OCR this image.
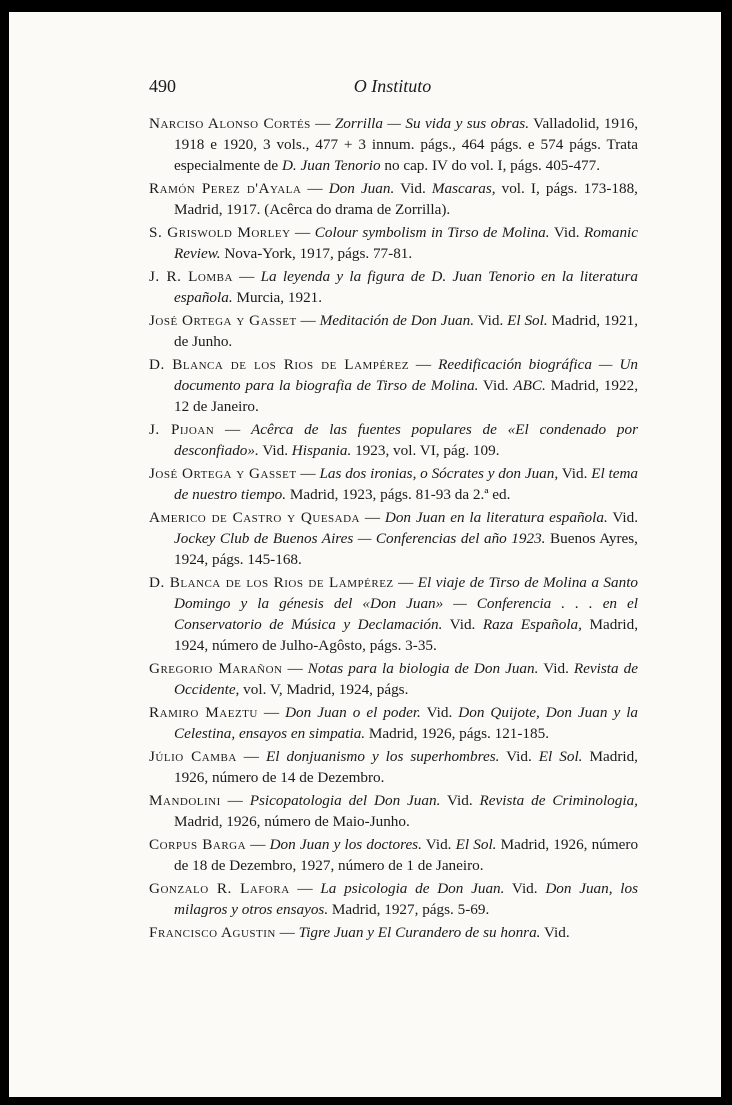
490	O Instituto

Narciso Alonso Cortés — Zorrilla — Su vida y sus obras. Valladolid, 1916, 1918 e 1920, 3 vols., 477 + 3 innum. págs., 464 págs. e 574 págs. Trata especialmente de D. Juan Tenorio no cap. IV do vol. I, págs. 405-477.

Ramón Perez d'Ayala — Don Juan. Vid. Mascaras, vol. I, págs. 173-188, Madrid, 1917. (Acêrca do drama de Zorrilla).

S. Griswold Morley — Colour symbolism in Tirso de Molina. Vid. Romanic Review. Nova-York, 1917, págs. 77-81.

J. R. Lomba — La leyenda y la figura de D. Juan Tenorio en la literatura española. Murcia, 1921.

José Ortega y Gasset — Meditación de Don Juan. Vid. El Sol. Madrid, 1921, de Junho.

D. Blanca de los Rios de Lampérez — Reedificación biográfica — Un documento para la biografia de Tirso de Molina. Vid. ABC. Madrid, 1922, 12 de Janeiro.

J. Pijoan — Acêrca de las fuentes populares de «El condenado por desconfiado». Vid. Hispania. 1923, vol. VI, pág. 109.

José Ortega y Gasset — Las dos ironias, o Sócrates y don Juan, Vid. El tema de nuestro tiempo. Madrid, 1923, págs. 81-93 da 2.ª ed.

Americo de Castro y Quesada — Don Juan en la literatura española. Vid. Jockey Club de Buenos Aires — Conferencias del año 1923. Buenos Ayres, 1924, págs. 145-168.

D. Blanca de los Rios de Lampérez — El viaje de Tirso de Molina a Santo Domingo y la génesis del «Don Juan» — Conferencia . . . en el Conservatorio de Música y Declamación. Vid. Raza Española, Madrid, 1924, número de Julho-Agôsto, págs. 3-35.

Gregorio Marañon — Notas para la biologia de Don Juan. Vid. Revista de Occidente, vol. V, Madrid, 1924, págs.

Ramiro Maeztu — Don Juan o el poder. Vid. Don Quijote, Don Juan y la Celestina, ensayos en simpatia. Madrid, 1926, págs. 121-185.

Júlio Camba — El donjuanismo y los superhombres. Vid. El Sol. Madrid, 1926, número de 14 de Dezembro.

Mandolini — Psicopatologia del Don Juan. Vid. Revista de Criminologia, Madrid, 1926, número de Maio-Junho.

Corpus Barga — Don Juan y los doctores. Vid. El Sol. Madrid, 1926, número de 18 de Dezembro, 1927, número de 1 de Janeiro.

Gonzalo R. Lafora — La psicologia de Don Juan. Vid. Don Juan, los milagros y otros ensayos. Madrid, 1927, págs. 5-69.

Francisco Agustin — Tigre Juan y El Curandero de su honra. Vid.
